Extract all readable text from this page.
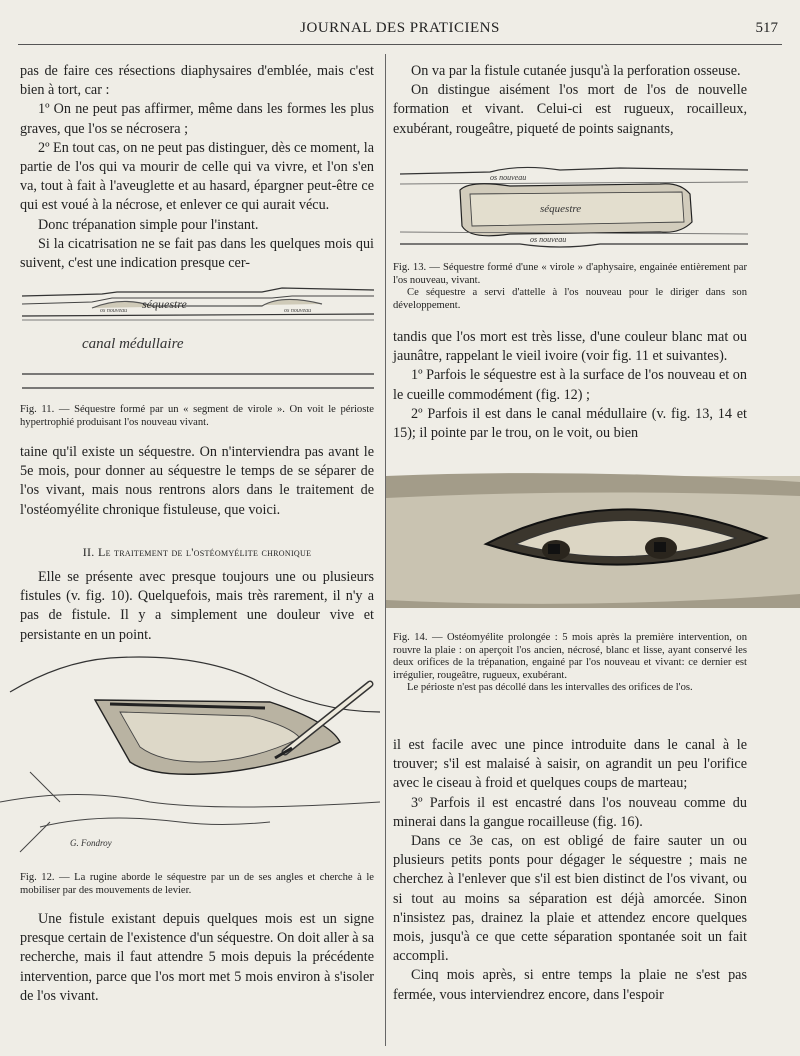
JOURNAL DES PRATICIENS	517

pas de faire ces résections diaphysaires d'emblée, mais c'est bien à tort, car :

1º On ne peut pas affirmer, même dans les formes les plus graves, que l'os se nécrosera ;

2º En tout cas, on ne peut pas distinguer, dès ce moment, la partie de l'os qui va mourir de celle qui va vivre, et l'on s'en va, tout à fait à l'aveuglette et au hasard, épargner peut-être ce qui est voué à la nécrose, et enlever ce qui aurait vécu.

Donc trépanation simple pour l'instant.

Si la cicatrisation ne se fait pas dans les quelques mois qui suivent, c'est une indication presque cer-

séquestre
os nouveau	os nouveau
canal médullaire

Fig. 11. — Séquestre formé par un « segment de virole ». On voit le périoste hypertrophié produisant l'os nouveau vivant.

taine qu'il existe un séquestre. On n'interviendra pas avant le 5e mois, pour donner au séquestre le temps de se séparer de l'os vivant, mais nous rentrons alors dans le traitement de l'ostéomyélite chronique fistuleuse, que voici.

II. Le traitement de l'ostéomyélite chronique

Elle se présente avec presque toujours une ou plusieurs fistules (v. fig. 10). Quelquefois, mais très rarement, il n'y a pas de fistule. Il y a simplement une douleur vive et persistante en un point.

G. Fondroy

Fig. 12. — La rugine aborde le séquestre par un de ses angles et cherche à le mobiliser par des mouvements de levier.

Une fistule existant depuis quelques mois est un signe presque certain de l'existence d'un séquestre. On doit aller à sa recherche, mais il faut attendre 5 mois depuis la précédente intervention, parce que l'os mort met 5 mois environ à s'isoler de l'os vivant.

On va par la fistule cutanée jusqu'à la perforation osseuse.

On distingue aisément l'os mort de l'os de nouvelle formation et vivant. Celui-ci est rugueux, rocailleux, exubérant, rougeâtre, piqueté de points saignants,

os nouveau
séquestre
os nouveau

Fig. 13. — Séquestre formé d'une « virole » d'aphysaire, engainée entièrement par l'os nouveau, vivant.

Ce séquestre a servi d'attelle à l'os nouveau pour le diriger dans son développement.

tandis que l'os mort est très lisse, d'une couleur blanc mat ou jaunâtre, rappelant le vieil ivoire (voir fig. 11 et suivantes).

1º Parfois le séquestre est à la surface de l'os nouveau et on le cueille commodément (fig. 12) ;

2º Parfois il est dans le canal médullaire (v. fig. 13, 14 et 15); il pointe par le trou, on le voit, ou bien

Fig. 14. — Ostéomyélite prolongée : 5 mois après la première intervention, on rouvre la plaie : on aperçoit l'os ancien, nécrosé, blanc et lisse, ayant conservé les deux orifices de la trépanation, engainé par l'os nouveau et vivant: ce dernier est irrégulier, rougeâtre, rugueux, exubérant.

Le périoste n'est pas décollé dans les intervalles des orifices de l'os.

il est facile avec une pince introduite dans le canal à le trouver; s'il est malaisé à saisir, on agrandit un peu l'orifice avec le ciseau à froid et quelques coups de marteau;

3º Parfois il est encastré dans l'os nouveau comme du minerai dans la gangue rocailleuse (fig. 16).

Dans ce 3e cas, on est obligé de faire sauter un ou plusieurs petits ponts pour dégager le séquestre ; mais ne cherchez à l'enlever que s'il est bien distinct de l'os vivant, ou si tout au moins sa séparation est déjà amorcée. Sinon n'insistez pas, drainez la plaie et attendez encore quelques mois, jusqu'à ce que cette séparation spontanée soit un fait accompli.

Cinq mois après, si entre temps la plaie ne s'est pas fermée, vous interviendrez encore, dans l'espoir
